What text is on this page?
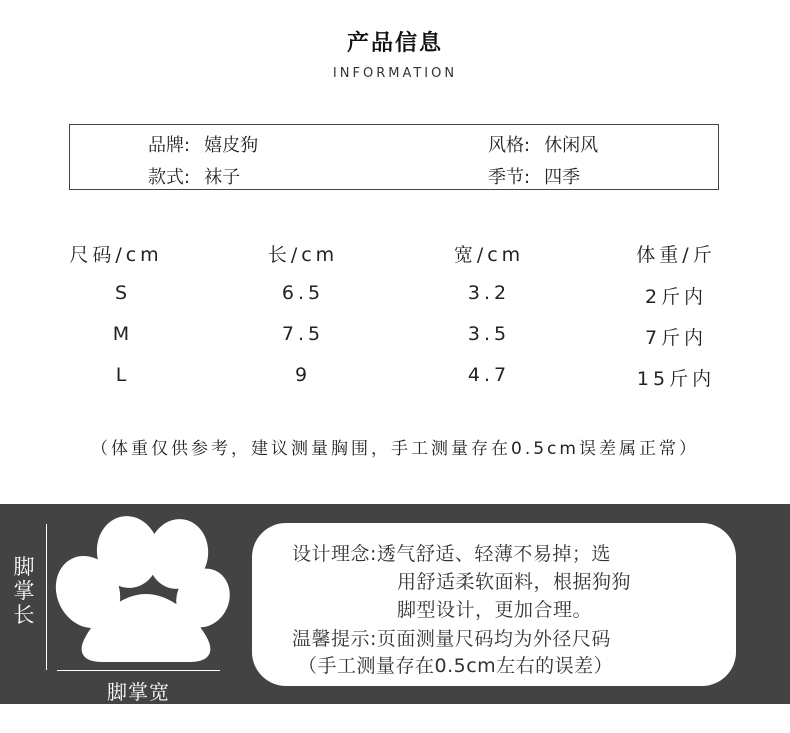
产品信息
INFORMATION
品牌: 嬉皮狗	风格: 休闲风
款式: 袜子	季节: 四季
尺码/cm	长/cm	宽/cm	体重/斤
S	6.5	3.2	2斤内
M	7.5	3.5	7斤内
L	9	4.7	15斤内
（体重仅供参考，建议测量胸围，手工测量存在0.5cm误差属正常）
脚
掌
长
脚掌宽
设计理念:透气舒适、轻薄不易掉；选
用舒适柔软面料，根据狗狗
脚型设计，更加合理。
温馨提示:页面测量尺码均为外径尺码
（手工测量存在0.5cm左右的误差）
